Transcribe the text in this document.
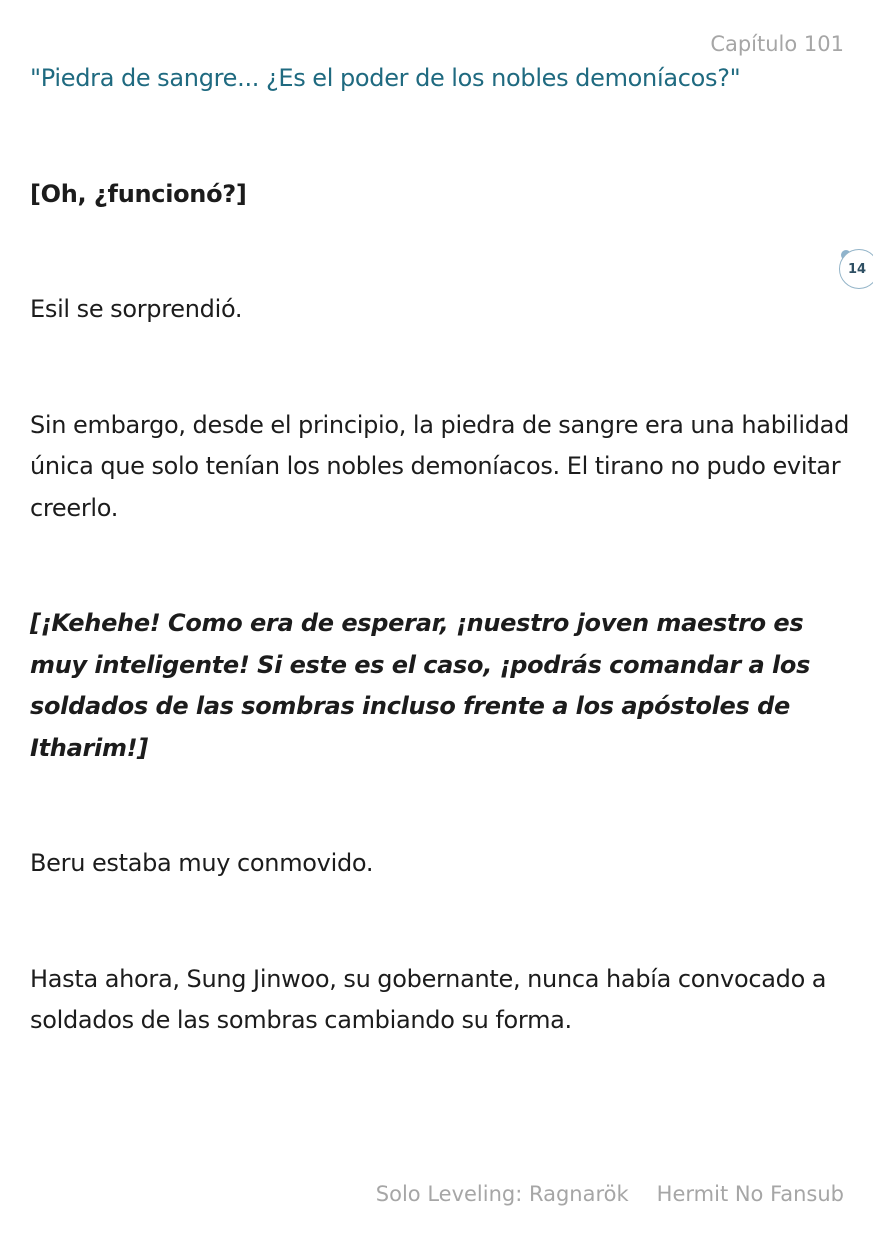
Capítulo 101

"Piedra de sangre... ¿Es el poder de los nobles demoníacos?"

[Oh, ¿funcionó?]

Esil se sorprendió.

Sin embargo, desde el principio, la piedra de sangre era una habilidad única que solo tenían los nobles demoníacos. El tirano no pudo evitar creerlo.

[¡Kehehe! Como era de esperar, ¡nuestro joven maestro es muy inteligente! Si este es el caso, ¡podrás comandar a los soldados de las sombras incluso frente a los apóstoles de Itharim!]

Beru estaba muy conmovido.

Hasta ahora, Sung Jinwoo, su gobernante, nunca había convocado a soldados de las sombras cambiando su forma.

14
Solo Leveling: Ragnarök Hermit No Fansub
